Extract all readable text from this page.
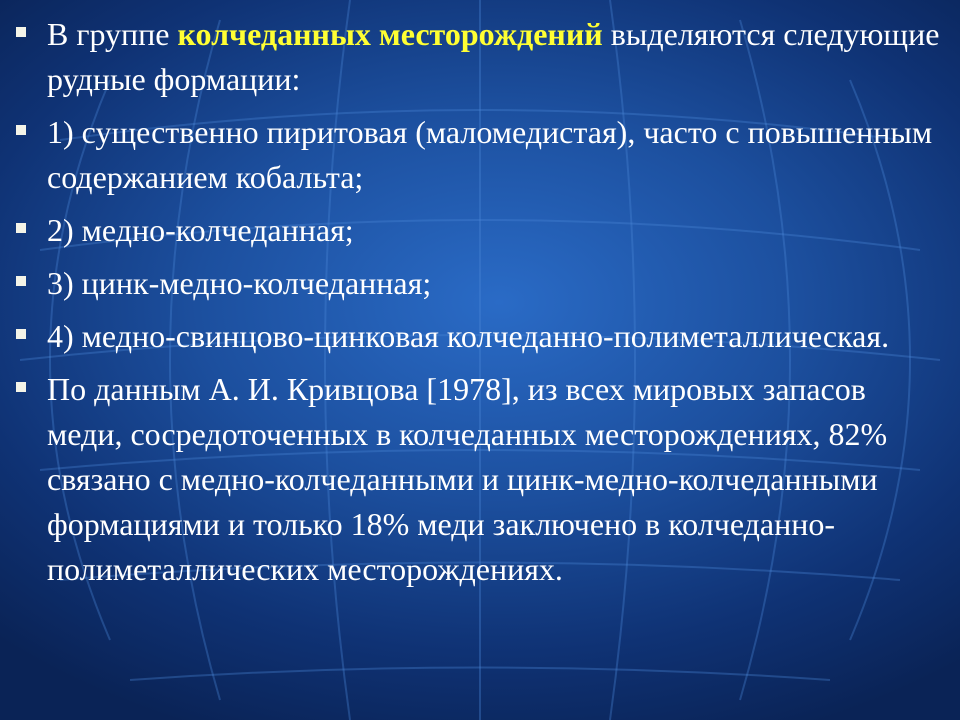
В группе колчеданных месторождений выделяются следующие рудные формации:
1) существенно пиритовая (маломедистая), часто с повышенным содержанием кобальта;
2) медно-колчеданная;
3) цинк-медно-колчеданная;
4) медно-свинцово-цинковая колчеданно-полиметаллическая.
По данным А. И. Кривцова [1978], из всех мировых запасов меди, сосредоточенных в колчеданных месторождениях, 82% связано с медно-колчеданными и цинк-медно-колчеданными формациями и только 18% меди заключено в колчеданно-полиметаллических месторождениях.
